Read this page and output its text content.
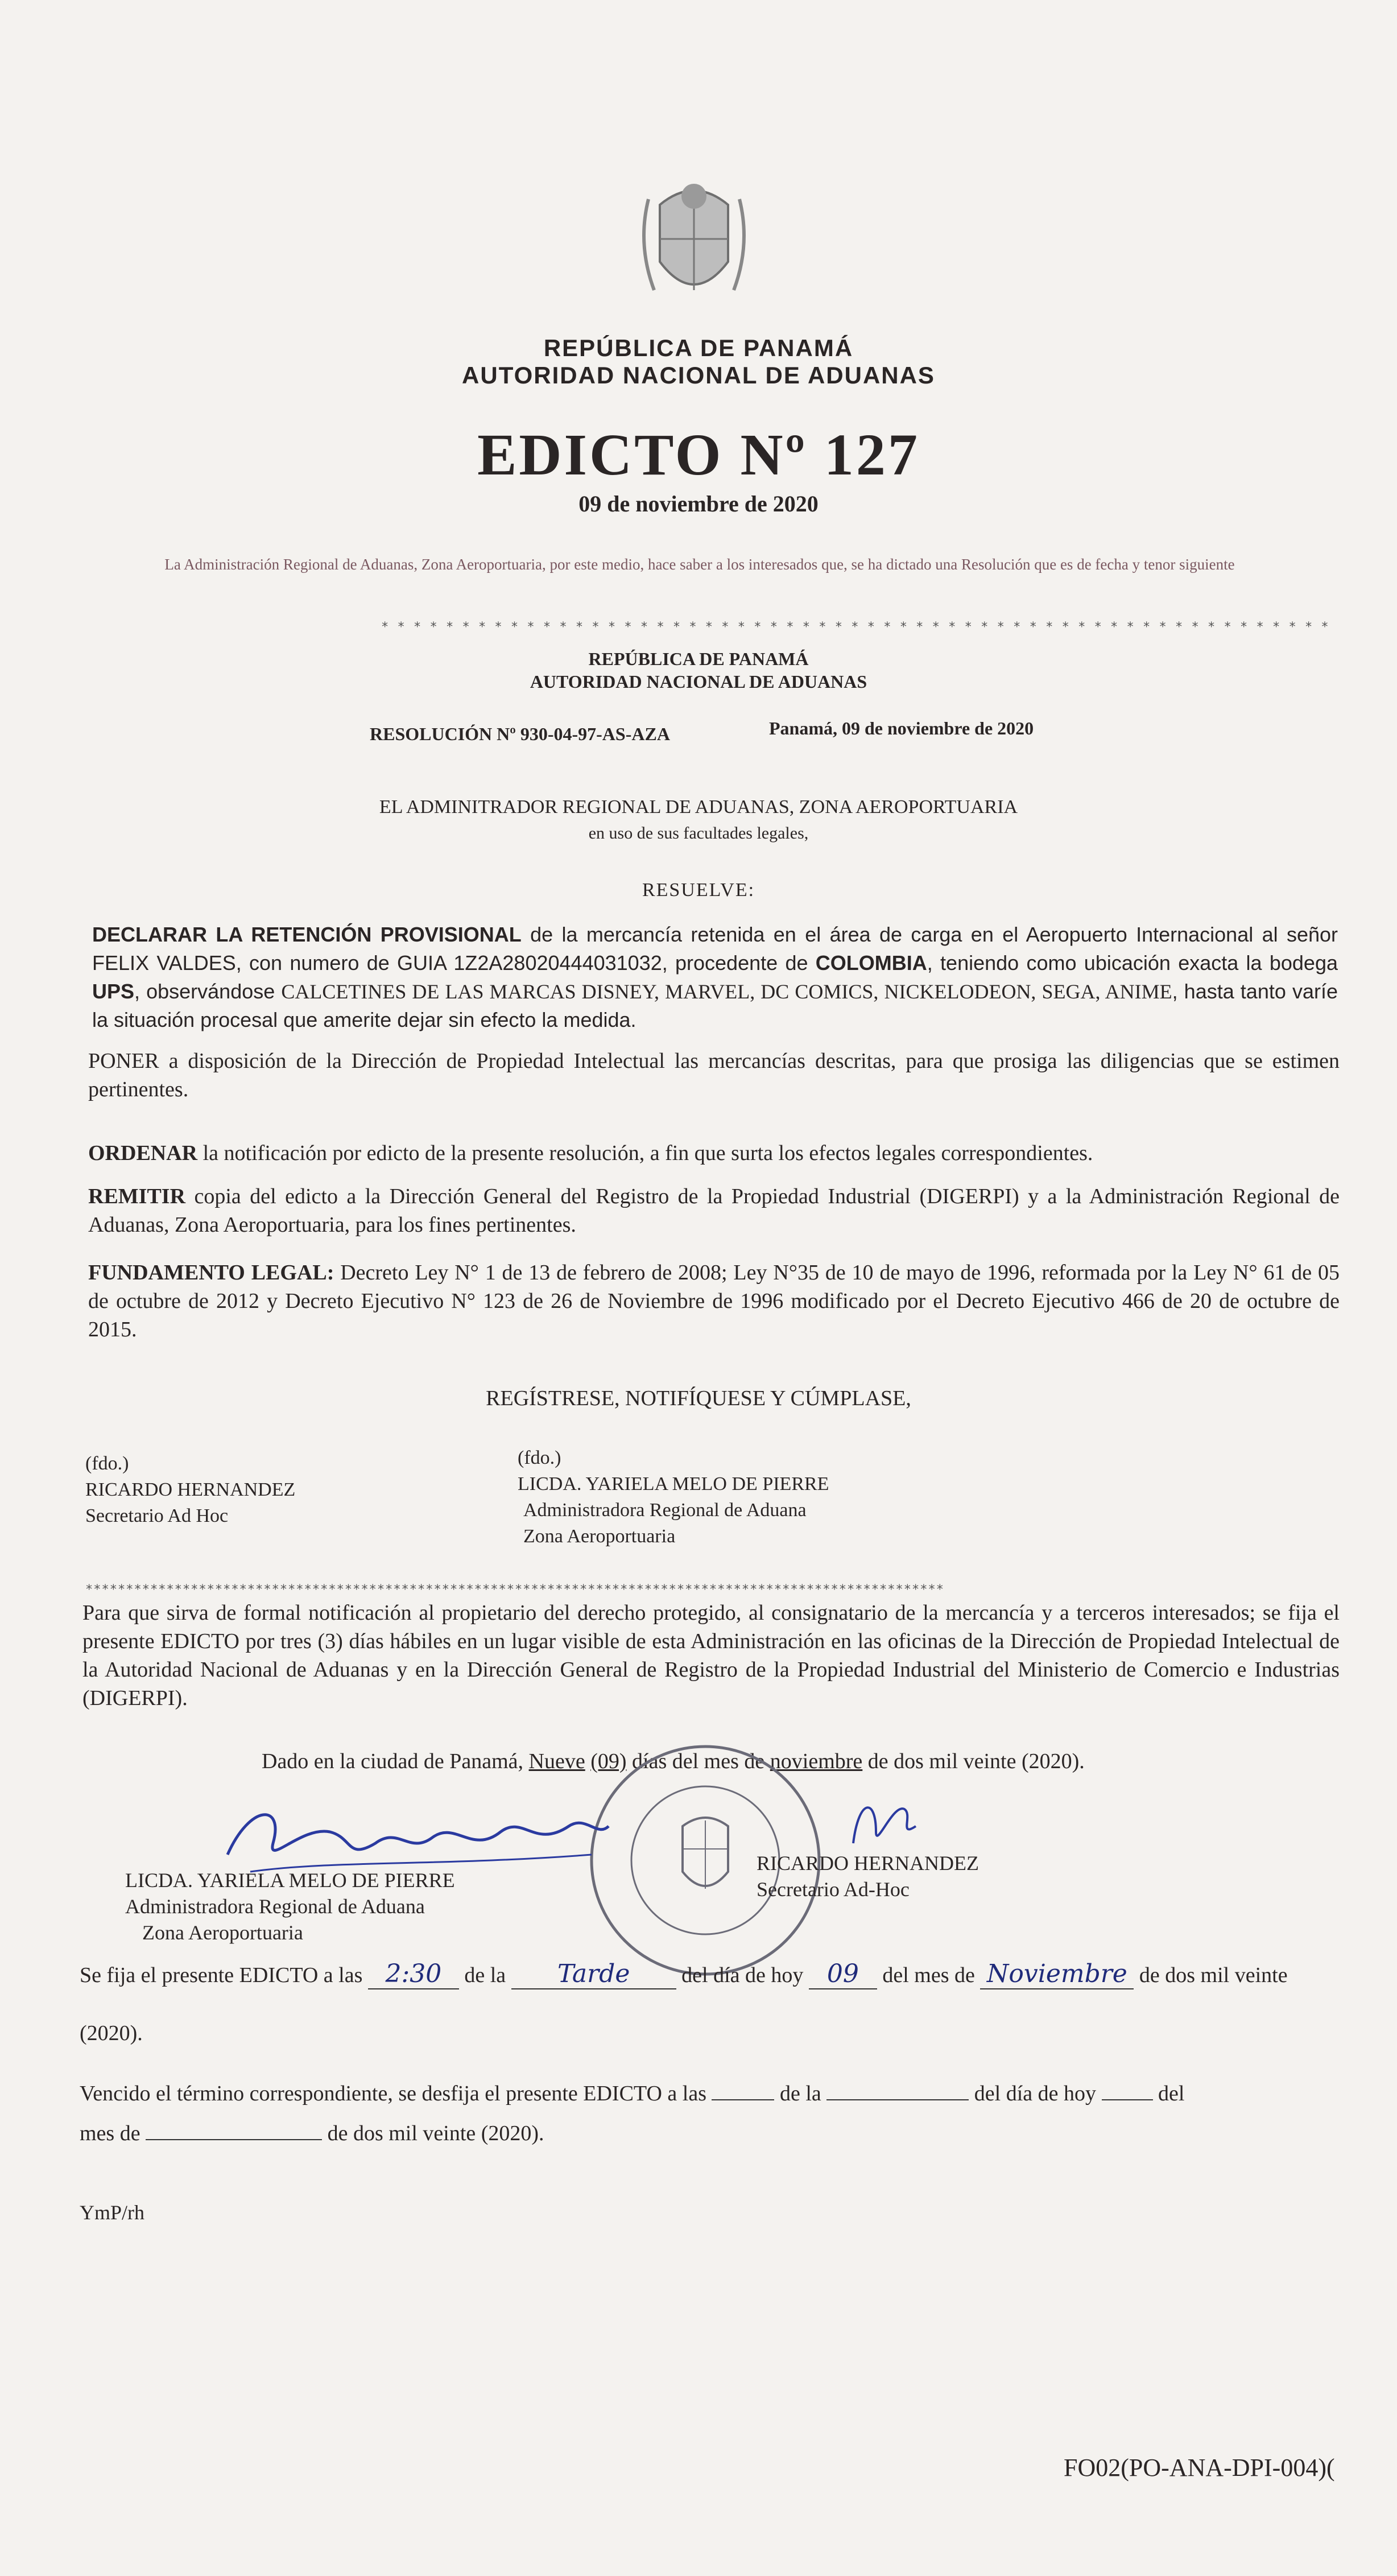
REPÚBLICA DE PANAMÁ
AUTORIDAD NACIONAL DE ADUANAS
EDICTO Nº 127
09 de noviembre de 2020
La Administración Regional de Aduanas, Zona Aeroportuaria, por este medio, hace saber a los interesados que, se ha dictado una Resolución que es de fecha y tenor siguiente
* * * * * * * * * * * * * * * * * * * * * * * * * * * * * * * * * * * * * * * * * * * * * * * * * * * * * * * * * * *
REPÚBLICA DE PANAMÁ
AUTORIDAD NACIONAL DE ADUANAS
RESOLUCIÓN Nº 930-04-97-AS-AZA	Panamá, 09 de noviembre de 2020
EL ADMINITRADOR REGIONAL DE ADUANAS, ZONA AEROPORTUARIA
en uso de sus facultades legales,
RESUELVE:
DECLARAR LA RETENCIÓN PROVISIONAL de la mercancía retenida en el área de carga en el Aeropuerto Internacional al señor FELIX VALDES, con numero de GUIA 1Z2A28020444031032, procedente de COLOMBIA, teniendo como ubicación exacta la bodega UPS, observándose CALCETINES DE LAS MARCAS DISNEY, MARVEL, DC COMICS, NICKELODEON, SEGA, ANIME, hasta tanto varíe la situación procesal que amerite dejar sin efecto la medida.
PONER a disposición de la Dirección de Propiedad Intelectual las mercancías descritas, para que prosiga las diligencias que se estimen pertinentes.
ORDENAR la notificación por edicto de la presente resolución, a fin que surta los efectos legales correspondientes.
REMITIR copia del edicto a la Dirección General del Registro de la Propiedad Industrial (DIGERPI) y a la Administración Regional de Aduanas, Zona Aeroportuaria, para los fines pertinentes.
FUNDAMENTO LEGAL: Decreto Ley N° 1 de 13 de febrero de 2008; Ley N°35 de 10 de mayo de 1996, reformada por la Ley N° 61 de 05 de octubre de 2012 y Decreto Ejecutivo N° 123 de 26 de Noviembre de 1996 modificado por el Decreto Ejecutivo 466 de 20 de octubre de 2015.
REGÍSTRESE, NOTIFÍQUESE Y CÚMPLASE,
(fdo.)
RICARDO HERNANDEZ
Secretario Ad Hoc
(fdo.)
LICDA. YARIELA MELO DE PIERRE
Administradora Regional de Aduana
Zona Aeroportuaria
**********************************************************************************************************
Para que sirva de formal notificación al propietario del derecho protegido, al consignatario de la mercancía y a terceros interesados; se fija el presente EDICTO por tres (3) días hábiles en un lugar visible de esta Administración en las oficinas de la Dirección de Propiedad Intelectual de la Autoridad Nacional de Aduanas y en la Dirección General de Registro de la Propiedad Industrial del Ministerio de Comercio e Industrias (DIGERPI).
Dado en la ciudad de Panamá, Nueve (09) días del mes de noviembre de dos mil veinte (2020).
LICDA. YARIELA MELO DE PIERRE
Administradora Regional de Aduana
Zona Aeroportuaria
RICARDO HERNANDEZ
Secretario Ad-Hoc
Se fija el presente EDICTO a las 2:30 de la Tarde del día de hoy 09 del mes de Noviembre de dos mil veinte
(2020).
Vencido el término correspondiente, se desfija el presente EDICTO a las	de la	del día de hoy  del
mes de	de dos mil veinte (2020).
YmP/rh
FO02(PO-ANA-DPI-004)(
